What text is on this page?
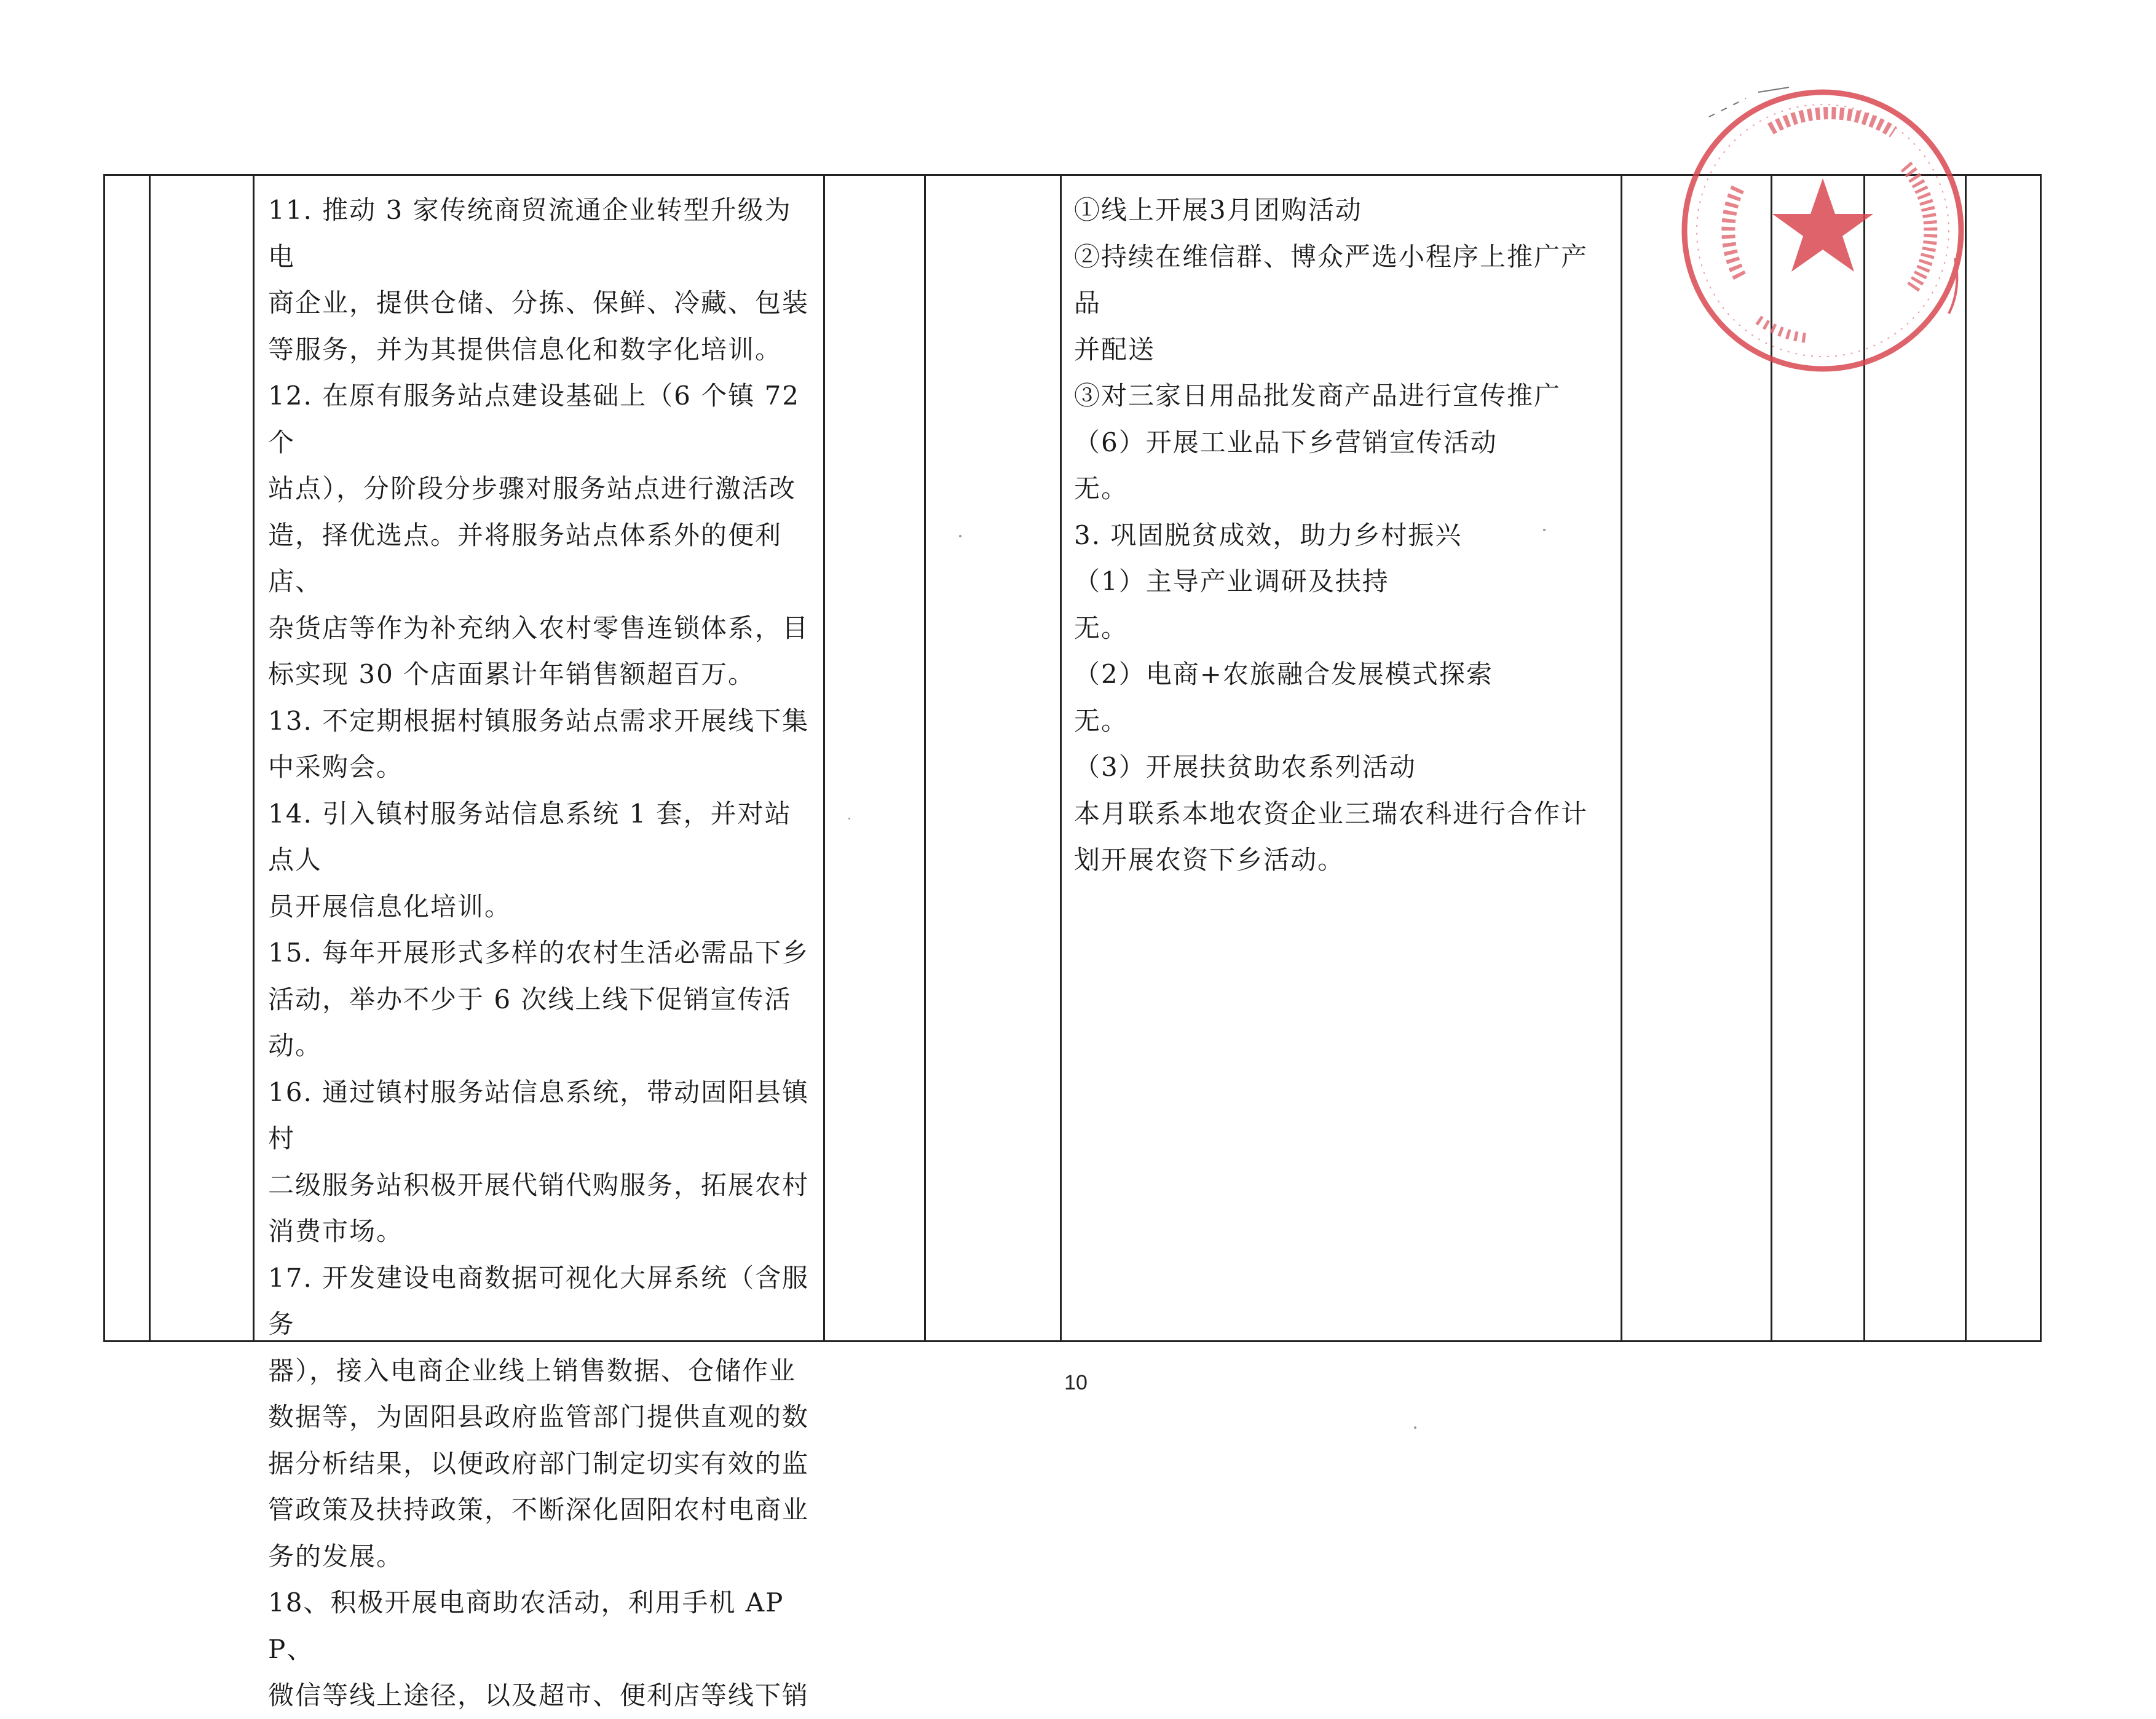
11. 推动 3 家传统商贸流通企业转型升级为电
商企业，提供仓储、分拣、保鲜、冷藏、包装
等服务，并为其提供信息化和数字化培训。
12. 在原有服务站点建设基础上（6 个镇 72 个
站点），分阶段分步骤对服务站点进行激活改
造，择优选点。并将服务站点体系外的便利店、
杂货店等作为补充纳入农村零售连锁体系，目
标实现 30 个店面累计年销售额超百万。
13. 不定期根据村镇服务站点需求开展线下集
中采购会。
14. 引入镇村服务站信息系统 1 套，并对站点人
员开展信息化培训。
15. 每年开展形式多样的农村生活必需品下乡
活动，举办不少于 6 次线上线下促销宣传活动。
16. 通过镇村服务站信息系统，带动固阳县镇村
二级服务站积极开展代销代购服务，拓展农村
消费市场。
17. 开发建设电商数据可视化大屏系统（含服务
器），接入电商企业线上销售数据、仓储作业
数据等，为固阳县政府监管部门提供直观的数
据分析结果，以便政府部门制定切实有效的监
管政策及扶持政策，不断深化固阳农村电商业
务的发展。
18、积极开展电商助农活动，利用手机 APP、
微信等线上途径，以及超市、便利店等线下销

①线上开展3月团购活动
②持续在维信群、博众严选小程序上推广产品
并配送
③对三家日用品批发商产品进行宣传推广
（6）开展工业品下乡营销宣传活动
无。
3. 巩固脱贫成效，助力乡村振兴
（1）主导产业调研及扶持
无。
（2）电商+农旅融合发展模式探索
无。
（3）开展扶贫助农系列活动
本月联系本地农资企业三瑞农科进行合作计
划开展农资下乡活动。

10
